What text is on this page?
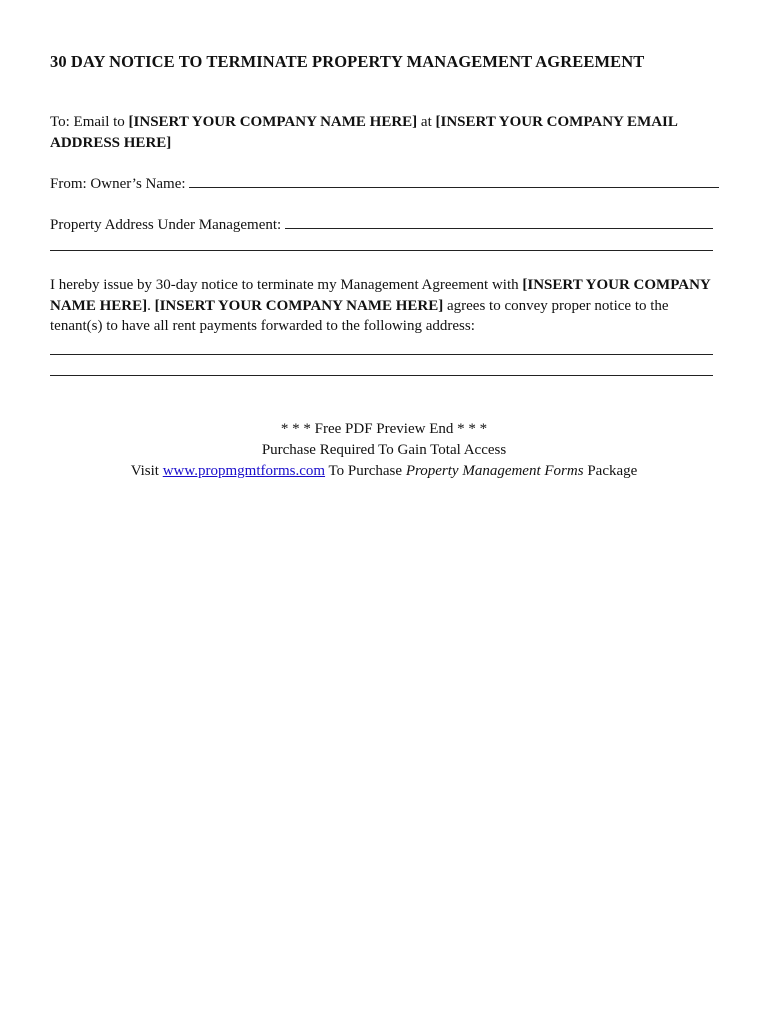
30 DAY NOTICE TO TERMINATE PROPERTY MANAGEMENT AGREEMENT
To: Email to [INSERT YOUR COMPANY NAME HERE] at [INSERT YOUR COMPANY EMAIL ADDRESS HERE]
From: Owner’s Name:
Property Address Under Management:
I hereby issue by 30-day notice to terminate my Management Agreement with [INSERT YOUR COMPANY NAME HERE]. [INSERT YOUR COMPANY NAME HERE] agrees to convey proper notice to the tenant(s) to have all rent payments forwarded to the following address:
* * * Free PDF Preview End * * *
Purchase Required To Gain Total Access
Visit www.propmgmtforms.com To Purchase Property Management Forms Package
